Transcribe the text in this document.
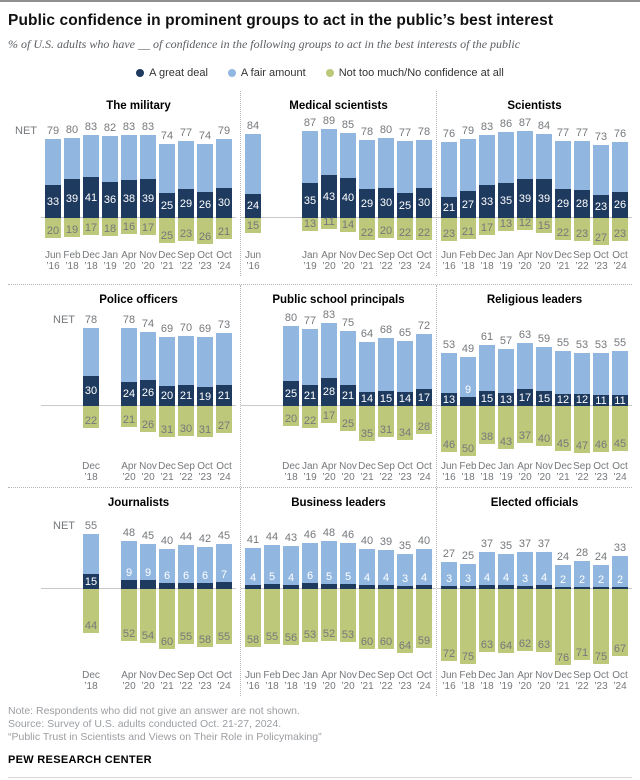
Public confidence in prominent groups to act in the public’s best interest
% of U.S. adults who have __ of confidence in the following groups to act in the best interests of the public
A great deal	A fair amount	Not too much/No confidence at all
The military
79
NET
33
20
80
39
19
83
41
17
82
36
18
83
38
16
83
39
17
74
25
25
77
29
23
74
26
26
79
30
21
Jun
’16
Feb
’18
Dec
’18
Jan
’19
Apr
’20
Nov
’20
Dec
’21
Sep
’22
Oct
’23
Oct
’24
Medical scientists
84
24
15
87
35
13
89
43
11
85
40
14
78
29
22
80
30
20
77
25
22
78
30
22
Jun
’16
Jan
’19
Apr
’20
Nov
’20
Dec
’21
Sep
’22
Oct
’23
Oct
’24
Scientists
76
21
23
79
27
21
83
33
17
86
35
13
87
39
12
84
39
15
77
29
22
77
28
23
73
23
27
76
26
23
Jun
’16
Feb
’18
Dec
’18
Jan
’19
Apr
’20
Nov
’20
Dec
’21
Sep
’22
Oct
’23
Oct
’24
Police officers
78
NET
30
22
78
24
21
74
26
26
69
20
31
70
21
30
69
19
31
73
21
27
Dec
’18
Apr
’20
Nov
’20
Dec
’21
Sep
’22
Oct
’23
Oct
’24
Public school principals
80
25
20
77
21
22
83
28
17
75
21
25
64
14
35
68
15
31
65
14
34
72
17
28
Dec
’18
Jan
’19
Apr
’20
Nov
’20
Dec
’21
Sep
’22
Oct
’23
Oct
’24
Religious leaders
53
13
46
49
9
50
61
15
38
57
13
43
63
17
37
59
15
40
55
12
45
53
12
47
53
11
46
55
11
45
Jun
’16
Feb
’18
Dec
’18
Jan
’19
Apr
’20
Nov
’20
Dec
’21
Sep
’22
Oct
’23
Oct
’24
Journalists
55
NET
15
44
48
9
52
45
9
54
40
6
60
44
6
55
42
6
58
45
7
55
Dec
’18
Apr
’20
Nov
’20
Dec
’21
Sep
’22
Oct
’23
Oct
’24
Business leaders
41
4
58
44
5
55
43
4
56
46
6
53
48
5
52
46
5
53
40
4
60
39
4
60
35
3
64
40
4
59
Jun
’16
Feb
’18
Dec
’18
Jan
’19
Apr
’20
Nov
’20
Dec
’21
Sep
’22
Oct
’23
Oct
’24
Elected officials
27
3
72
25
3
75
37
4
63
35
4
64
37
3
62
37
4
63
24
2
76
28
2
71
24
2
75
33
2
67
Jun
’16
Feb
’18
Dec
’18
Jan
’19
Apr
’20
Nov
’20
Dec
’21
Sep
’22
Oct
’23
Oct
’24
Note: Respondents who did not give an answer are not shown.
Source: Survey of U.S. adults conducted Oct. 21-27, 2024.
“Public Trust in Scientists and Views on Their Role in Policymaking”
PEW RESEARCH CENTER
